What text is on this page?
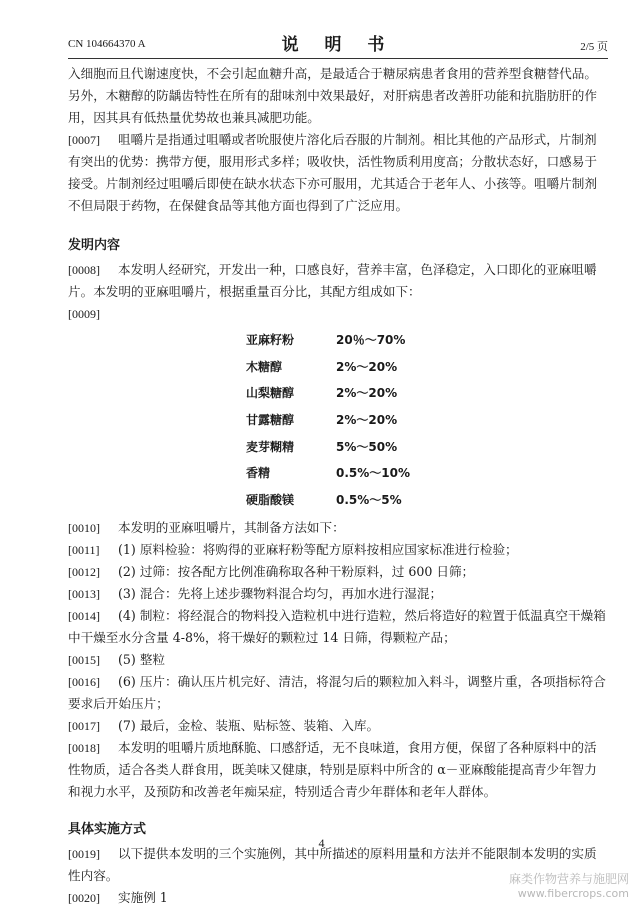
CN 104664370 A	说 明 书	2/5 页

入细胞而且代谢速度快，不会引起血糖升高，是最适合于糖尿病患者食用的营养型食糖替代品。另外，木糖醇的防龋齿特性在所有的甜味剂中效果最好，对肝病患者改善肝功能和抗脂肪肝的作用，因其具有低热量优势故也兼具减肥功能。

[0007] 咀嚼片是指通过咀嚼或者吮服使片溶化后吞服的片制剂。相比其他的产品形式，片制剂有突出的优势：携带方便，服用形式多样；吸收快，活性物质利用度高；分散状态好，口感易于接受。片制剂经过咀嚼后即使在缺水状态下亦可服用，尤其适合于老年人、小孩等。咀嚼片制剂不但局限于药物，在保健食品等其他方面也得到了广泛应用。

发明内容

[0008] 本发明人经研究，开发出一种，口感良好，营养丰富，色泽稳定，入口即化的亚麻咀嚼片。本发明的亚麻咀嚼片，根据重量百分比，其配方组成如下：

[0009]

亚麻籽粉	20％～70%
木糖醇	2%～20%
山梨糖醇	2%～20%
甘露糖醇	2%～20%
麦芽糊精	5%～50%
香精	0.5%～10%
硬脂酸镁	0.5%～5%

[0010] 本发明的亚麻咀嚼片，其制备方法如下：

[0011] (1) 原料检验：将购得的亚麻籽粉等配方原料按相应国家标准进行检验；

[0012] (2) 过筛：按各配方比例准确称取各种干粉原料，过 600 日筛；

[0013] (3) 混合：先将上述步骤物料混合均匀，再加水进行湿混；

[0014] (4) 制粒：将经混合的物料投入造粒机中进行造粒，然后将造好的粒置于低温真空干燥箱中干燥至水分含量 4-8%，将干燥好的颗粒过 14 日筛，得颗粒产品；

[0015] (5) 整粒

[0016] (6) 压片：确认压片机完好、清洁，将混匀后的颗粒加入料斗，调整片重，各项指标符合要求后开始压片；

[0017] (7) 最后，金检、装瓶、贴标签、装箱、入库。

[0018] 本发明的咀嚼片质地酥脆、口感舒适，无不良味道，食用方便，保留了各种原料中的活性物质，适合各类人群食用，既美味又健康，特别是原料中所含的 α－亚麻酸能提高青少年智力和视力水平，及预防和改善老年痴呆症，特别适合青少年群体和老年人群体。

具体实施方式

[0019] 以下提供本发明的三个实施例，其中所描述的原料用量和方法并不能限制本发明的实质性内容。

[0020] 实施例 1

4
麻类作物营养与施肥网
www.fibercrops.com
